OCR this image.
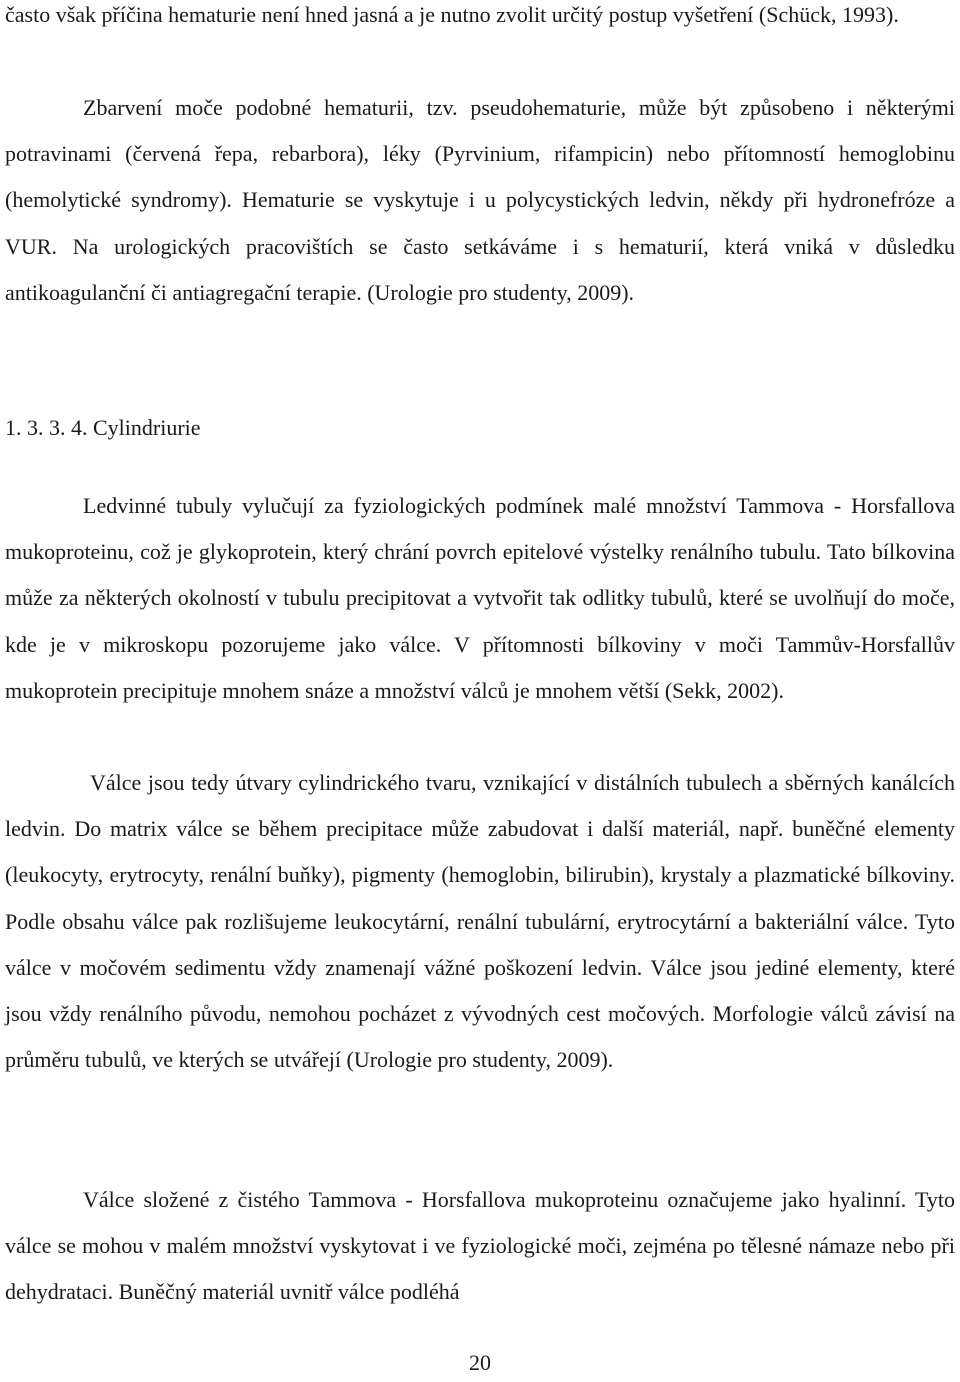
často však příčina hematurie není hned jasná a je nutno zvolit určitý postup vyšetření (Schück, 1993).

Zbarvení moče podobné hematurii, tzv. pseudohematurie, může být způsobeno i některými potravinami (červená řepa, rebarbora), léky (Pyrvinium, rifampicin) nebo přítomností hemoglobinu (hemolytické syndromy). Hematurie se vyskytuje i u polycystických ledvin, někdy při hydronefróze a VUR. Na urologických pracovištích se často setkáváme i s hematurií, která vniká v důsledku antikoagulanční či antiagregační terapie. (Urologie pro studenty, 2009).

1. 3. 3. 4. Cylindriurie

Ledvinné tubuly vylučují za fyziologických podmínek malé množství Tammova - Horsfallova mukoproteinu, což je glykoprotein, který chrání povrch epitelové výstelky renálního tubulu. Tato bílkovina může za některých okolností v tubulu precipitovat a vytvořit tak odlitky tubulů, které se uvolňují do moče, kde je v mikroskopu pozorujeme jako válce. V přítomnosti bílkoviny v moči Tammův-Horsfallův mukoprotein precipituje mnohem snáze a množství válců je mnohem větší (Sekk, 2002).

Válce jsou tedy útvary cylindrického tvaru, vznikající v distálních tubulech a sběrných kanálcích ledvin. Do matrix válce se během precipitace může zabudovat i další materiál, např. buněčné elementy (leukocyty, erytrocyty, renální buňky), pigmenty (hemoglobin, bilirubin), krystaly a plazmatické bílkoviny. Podle obsahu válce pak rozlišujeme leukocytární, renální tubulární, erytrocytární a bakteriální válce. Tyto válce v močovém sedimentu vždy znamenají vážné poškození ledvin. Válce jsou jediné elementy, které jsou vždy renálního původu, nemohou pocházet z vývodných cest močových. Morfologie válců závisí na průměru tubulů, ve kterých se utvářejí (Urologie pro studenty, 2009).

Válce složené z čistého Tammova - Horsfallova mukoproteinu označujeme jako hyalinní. Tyto válce se mohou v malém množství vyskytovat i ve fyziologické moči, zejména po tělesné námaze nebo při dehydrataci. Buněčný materiál uvnitř válce podléhá

20
